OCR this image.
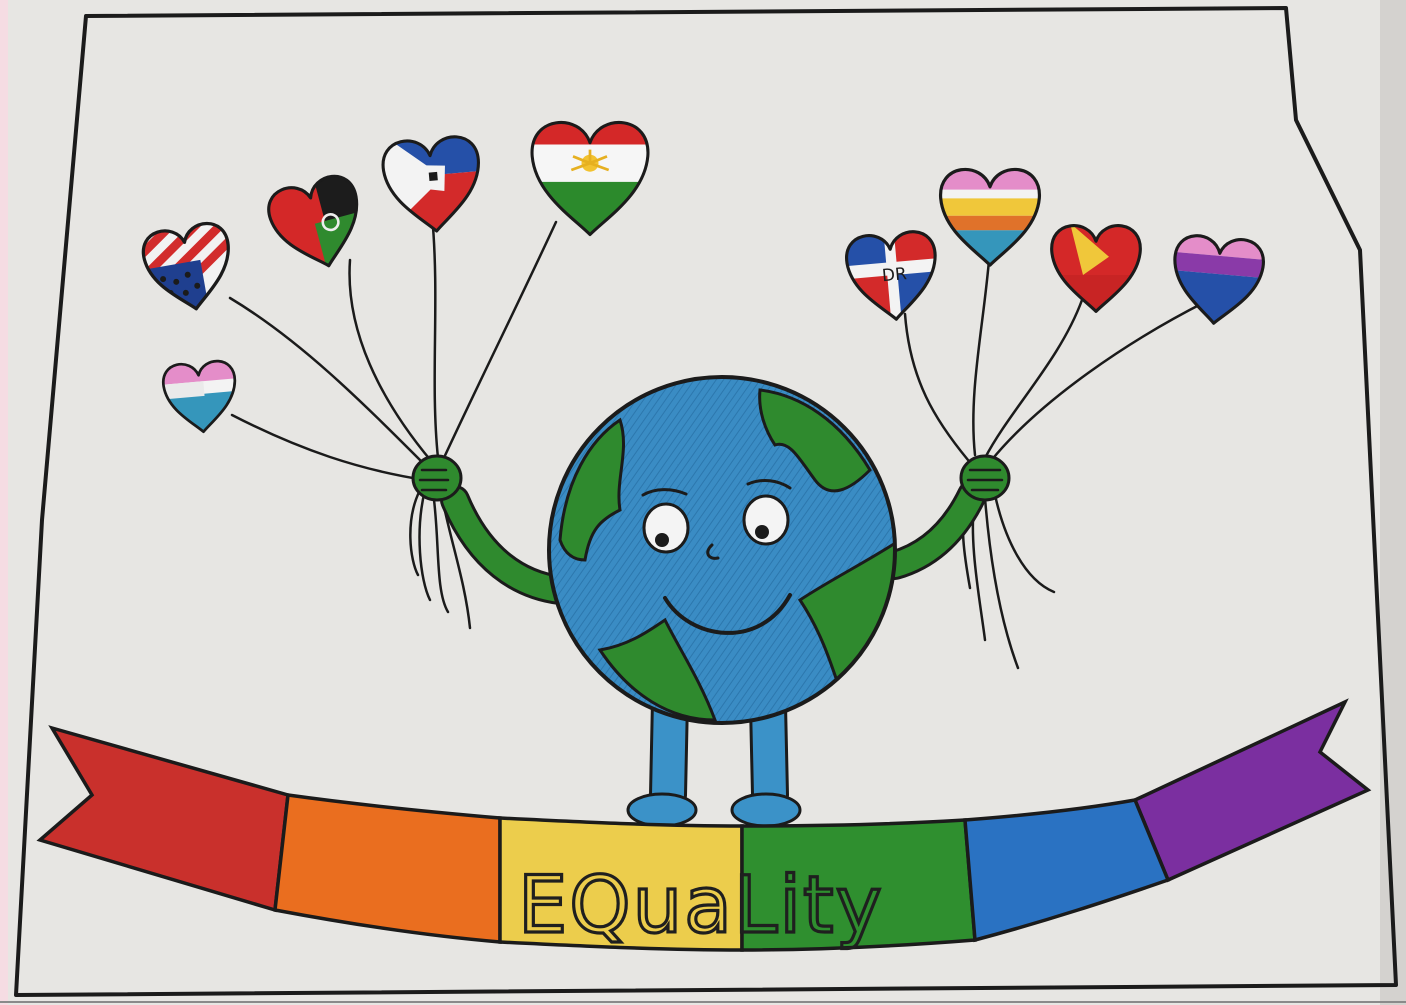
DR
EQuaLity
